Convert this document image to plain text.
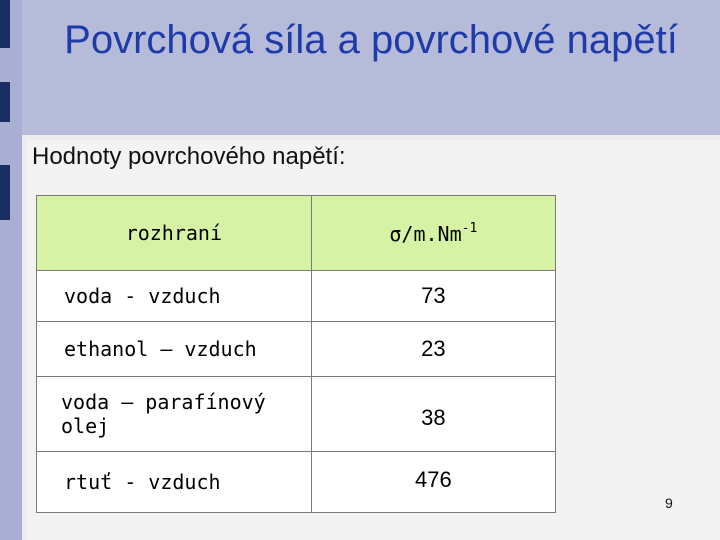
Povrchová síla a povrchové napětí
Hodnoty povrchového napětí:
rozhraní	$\sigma/m.Nm^{-1}$
voda - vzduch	73
ethanol – vzduch	23
voda – parafínový olej	38
rtuť - vzduch	476
9
